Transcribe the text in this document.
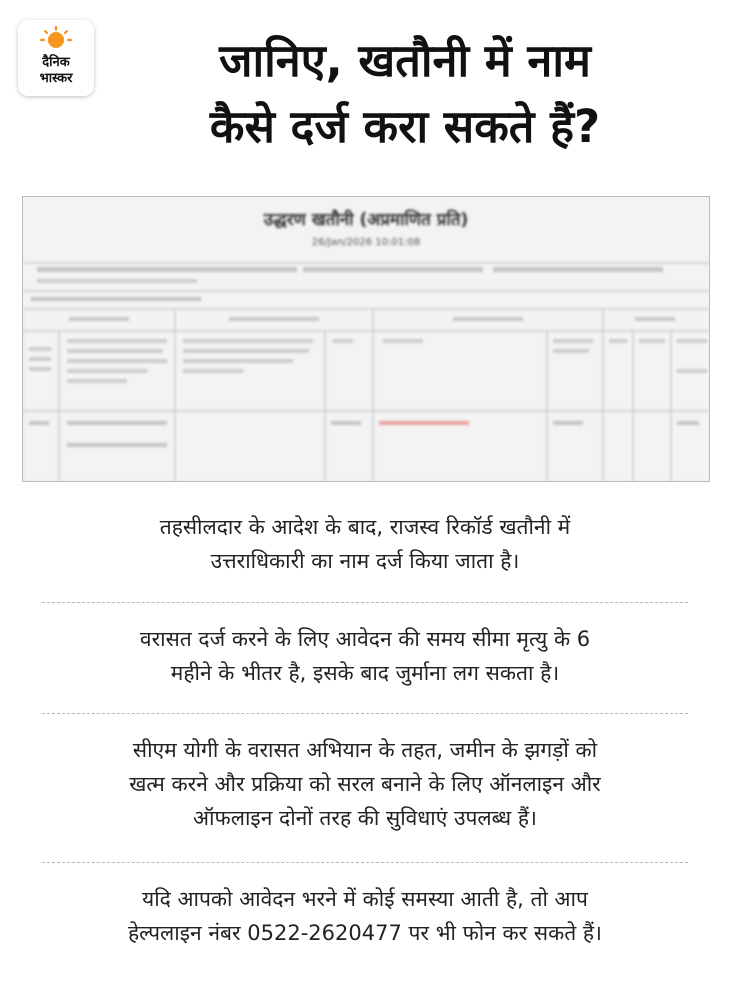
दैनिक
भास्कर	जानिए, खतौनी में नाम
कैसे दर्ज करा सकते हैं?
उद्धरण खतौनी (अप्रमाणित प्रति)
26/Jan/2026 10:01:08
तहसीलदार के आदेश के बाद, राजस्व रिकॉर्ड खतौनी में
उत्तराधिकारी का नाम दर्ज किया जाता है।
वरासत दर्ज करने के लिए आवेदन की समय सीमा मृत्यु के 6
महीने के भीतर है, इसके बाद जुर्माना लग सकता है।
सीएम योगी के वरासत अभियान के तहत, जमीन के झगड़ों को
खत्म करने और प्रक्रिया को सरल बनाने के लिए ऑनलाइन और
ऑफलाइन दोनों तरह की सुविधाएं उपलब्ध हैं।
यदि आपको आवेदन भरने में कोई समस्या आती है, तो आप
हेल्पलाइन नंबर 0522-2620477 पर भी फोन कर सकते हैं।
